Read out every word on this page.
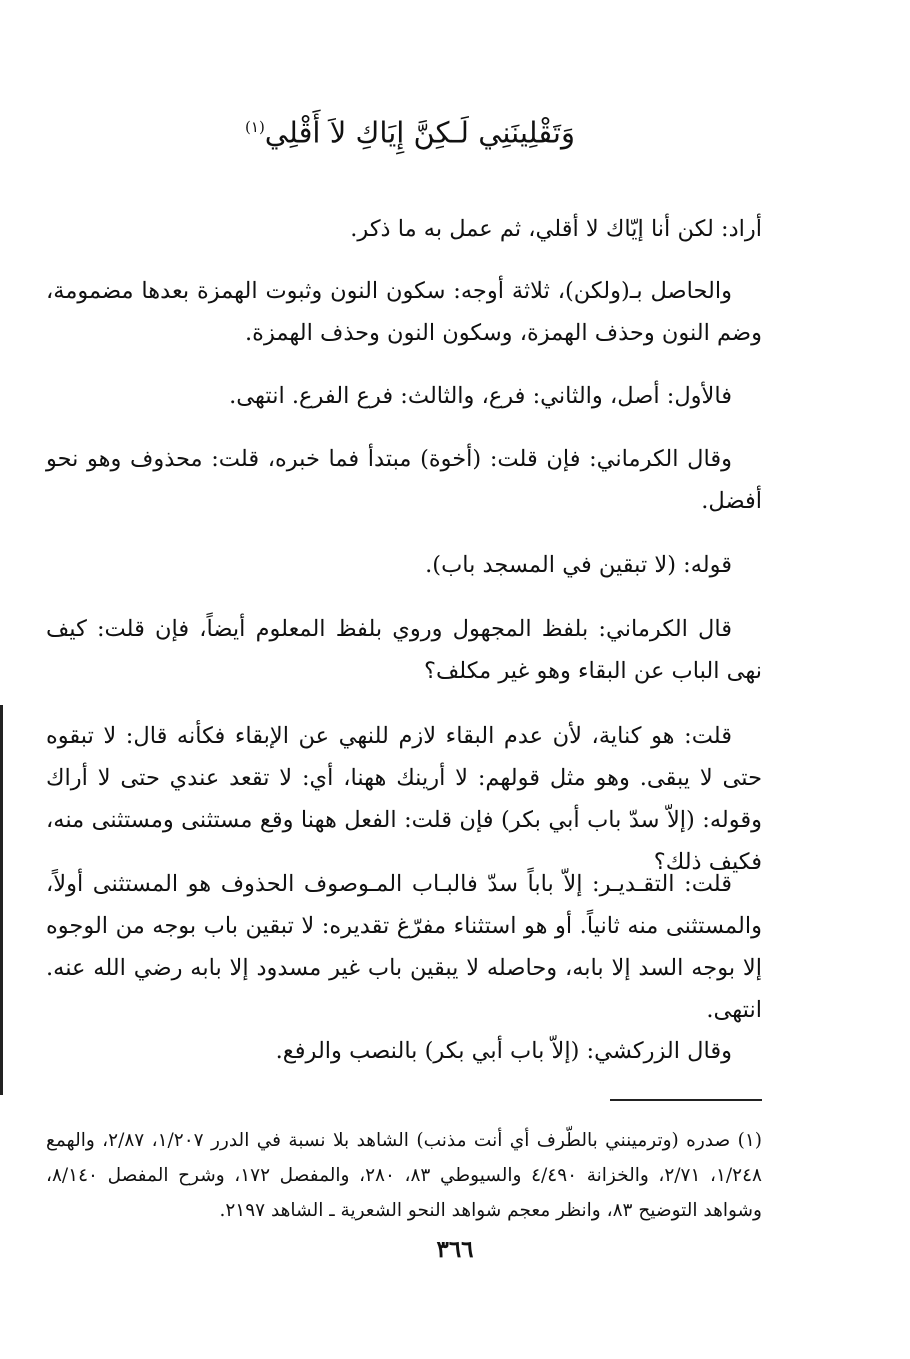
وَتَقْلِينَنِي لَـكِنَّ إِيَاكِ لاَ أَقْلِي$^{(١)}$
أراد: لكن أنا إيّاك لا أقلي، ثم عمل به ما ذكر.
والحاصل بـ(ولكن)، ثلاثة أوجه: سكون النون وثبوت الهمزة بعدها مضمومة، وضم النون وحذف الهمزة، وسكون النون وحذف الهمزة.
فالأول: أصل، والثاني: فرع، والثالث: فرع الفرع. انتهى.
وقال الكرماني: فإن قلت: (أخوة) مبتدأ فما خبره، قلت: محذوف وهو نحو أفضل.
قوله: (لا تبقين في المسجد باب).
قال الكرماني: بلفظ المجهول وروي بلفظ المعلوم أيضاً، فإن قلت: كيف نهى الباب عن البقاء وهو غير مكلف؟
قلت: هو كناية، لأن عدم البقاء لازم للنهي عن الإبقاء فكأنه قال: لا تبقوه حتى لا يبقى. وهو مثل قولهم: لا أرينك ههنا، أي: لا تقعد عندي حتى لا أراك وقوله: (إلاّ سدّ باب أبي بكر) فإن قلت: الفعل ههنا وقع مستثنى ومستثنى منه، فكيف ذلك؟
قلت: التقـديـر: إلاّ باباً سدّ فالبـاب المـوصوف الحذوف هو المستثنى أولاً، والمستثنى منه ثانياً. أو هو استثناء مفرّغ تقديره: لا تبقين باب بوجه من الوجوه إلا بوجه السد إلا بابه، وحاصله لا يبقين باب غير مسدود إلا بابه رضي الله عنه. انتهى.
وقال الزركشي: (إلاّ باب أبي بكر) بالنصب والرفع.
(١) صدره (وترمينني بالطّرف أي أنت مذنب) الشاهد بلا نسبة في الدرر ١/٢٠٧، ٢/٨٧، والهمع ١/٢٤٨، ٢/٧١، والخزانة ٤/٤٩٠ والسيوطي ٨٣، ٢٨٠، والمفصل ١٧٢، وشرح المفصل ٨/١٤٠، وشواهد التوضيح ٨٣، وانظر معجم شواهد النحو الشعرية ـ الشاهد ٢١٩٧.
٣٦٦
